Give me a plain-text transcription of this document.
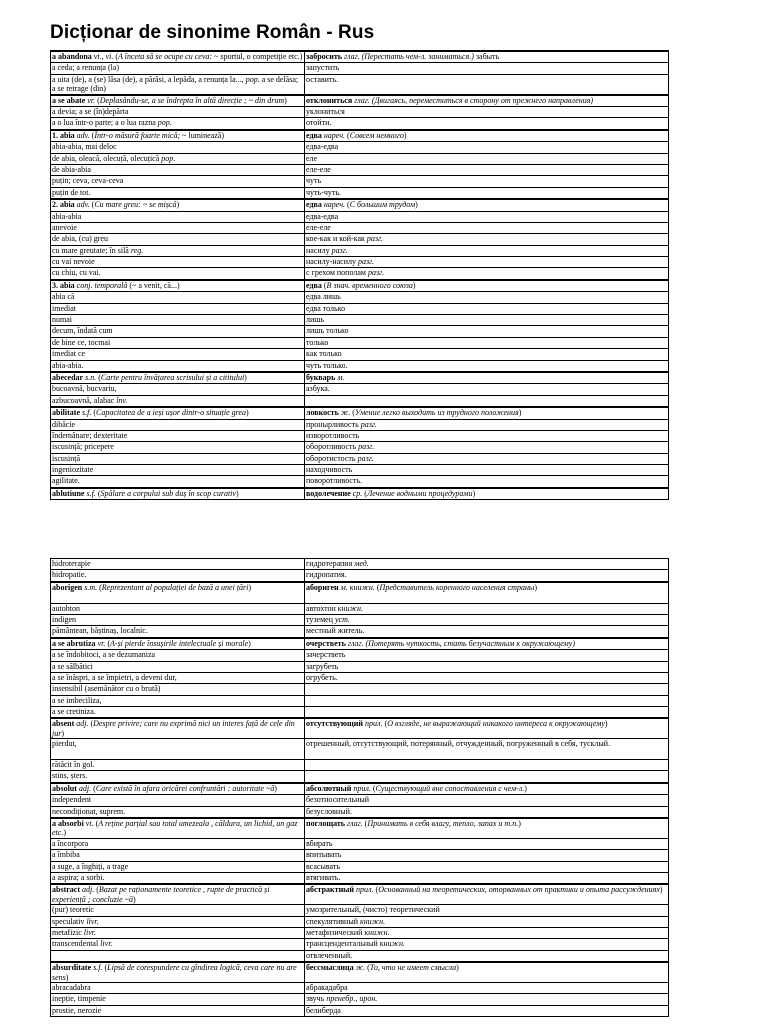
Dicționar de sinonime Român - Rus
a abandona vt., vi. (A înceta să se ocupe cu ceva: ~ sportul, o competiție etc.)	забросить глаг. (Перестать чем-л. заниматься.) забыть
a ceda; a renunța (la)	запустить
a uita (de), a (se) lăsa (de), a părăsi, a lepăda, a renunța la..., pop. a se delăsa; a se retrage (din)	оставить.
a se abate vr. (Deplasându-se, a se îndrepta în altă direcție ; ~ din drum)	отклониться глаг. (Двигаясь, переместиться в сторону от прежнего направления)
a devia; a se (în)depărta	уклониться
a o lua într-o parte; a o lua razna pop.	отойти.
1. abia adv. (Într-o măsură foarte mică; ~ luminează)	едва нареч. (Совсем немного)
abia-abia, mai deloc	едва-едва
de abia, oleacă, olecuță, olecuțică pop.	еле
de abia-abia	еле-еле
puțin; ceva, ceva-ceva	чуть
puțin de tot.	чуть-чуть.
2. abia adv. (Cu mare greu: ~ se mișcă)	едва нареч. (С большим трудом)
abia-abia	едва-едва
anevoie	еле-еле
de abia, (cu) greu	кое-как и кой-как разг.
cu mare greutate; în silă reg.	насилу разг.
cu vai nevoie	насилу-насилу разг.
cu chiu, cu vai.	с грехом пополам разг.
3. abia conj. temporală (~ a venit, că...)	едва (В знач. временного союза)
abia că	едва лишь
imediat	едва только
numai	лишь
decum, îndată cum	лишь только
de bine ce, tocmai	только
imediat ce	как только
abia-abia.	чуть только.
abecedar s.n. (Carte pentru învățarea scrisului și a cititului)	букварь м.
bucoavnă, bucvariu,	азбука.
azbucoavnă, alabac înv.	
abilitate s.f. (Capacitatea de a ieși ușor dintr-o situație grea)	ловкость ж. (Умение легко выходить из трудного положения)
dibăcie	пронырливость разг.
îndemânare; dexteritate	изворотливость
iscusință; pricepere	оборотливость разг.
iscusință	оборотистость разг.
ingeniozitate	находчивость
agilitate.	поворотливость.
ablutiune s.f. (Spălare a corpului sub duș în scop curativ)	водолечение ср. (Лечение водными процедурами)
hidroterapie	гидротерапия мед.
hidropatie.	гидропатия.
aborigen s.m. (Reprezentant al populației de bază a unei țări)	абориген м. книжн. (Представитель коренного населения страны)
autohton	автохтон книжн.
indigen	туземец уст.
pământean, băștinaș, localnic.	местный житель.
a se abrutiza vr. (A-și pierde însușirile intelectuale și morale)	очерстветь глаг. (Потерять чуткость, стать безучастным к окружающему)
a se îndobitoci, a se dezumaniza	зачерстветь
a se sălbătici	загрубеть
a se înăspri, a se împietri, a deveni dur,	огрубеть.
insensibil (asemănător cu o brută)	
a se imbeciliza,	
a se cretiniza.	
absent adj. (Despre privire; care nu exprimă nici un interes față de cele din jur)	отсутствующий прил. (О взгляде, не выражающий никакого интереса к окружающему)
pierdut,	отрешенный, отсутствующий, потерянный, отчужденный, погруженный в себя, тусклый.
rătăcit în gol.	
stins, șters.	
absolut adj. (Care există în afara oricărei confruntări : autoritate ~ă)	абсолютный прил. (Существующий вне сопоставления с чем-л.)
independent	безотносительный
necondiționat, suprem.	безусловный.
a absorbi vt. (A reține parțial sau total umezeala , căldura, un lichid, un gaz etc.)	поглощать глаг. (Принимать в себя влагу, тепло, запах и т.п.)
a încorpora	вбирать
a îmbiba	впитывать
a suge, a înghiți, a trage	всасывать
a aspira; a sorbi.	втягивать.
abstract adj. (Bazat pe raționamente teoretice , rupte de practică și experiență ; concluzie ~ă)	абстрактный прил. (Основанный на теоретических, оторванных от практики и опыта рассуждениях)
(pur) teoretic	умозрительный, (чисто) теоретический
speculativ livr.	спекулятивный книжн.
metafizic livr.	метафизический книжн.
transcendental livr.	трансцендентальный книжн.
	отвлеченный.
absurditate s.f. (Lipsă de corespundere cu gîndirea logică, ceva care nu are sens)	бессмыслица ж. (То, что не имеет смысла)
abracadabra	абракадабра
inepție, timpenie	звучь пренебр., ирон.
prostie, nerozie	белиберда
